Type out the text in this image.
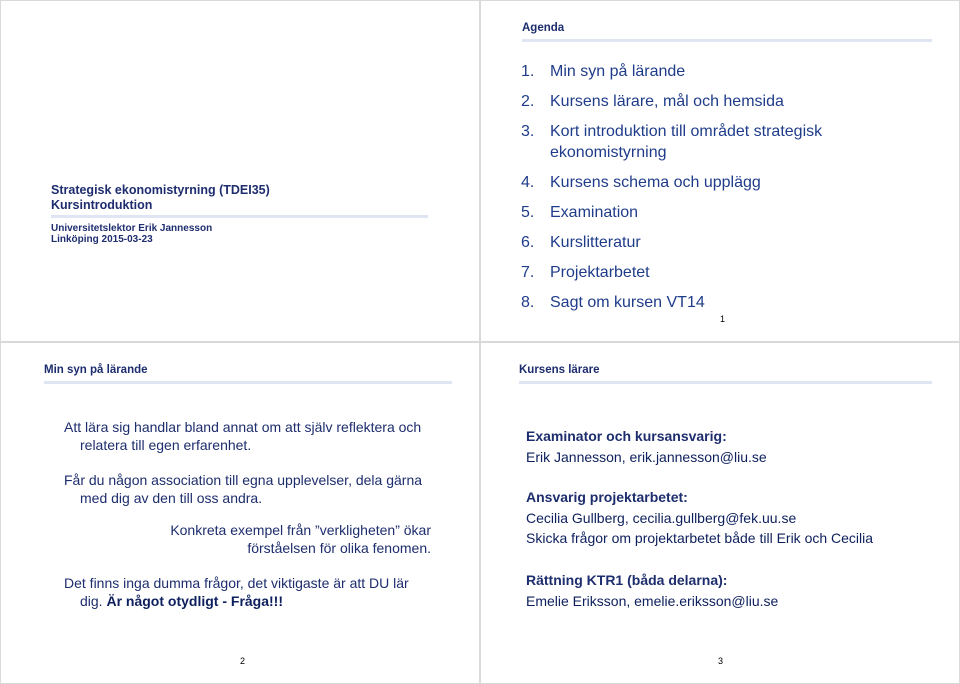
Strategisk ekonomistyrning (TDEI35)
Kursintroduktion
Universitetslektor Erik Jannesson
Linköping 2015-03-23
Agenda
1. Min syn på lärande
2. Kursens lärare, mål och hemsida
3. Kort introduktion till området strategisk ekonomistyrning
4. Kursens schema och upplägg
5. Examination
6. Kurslitteratur
7. Projektarbetet
8. Sagt om kursen VT14
1
Min syn på lärande
Att lära sig handlar bland annat om att själv reflektera och
relatera till egen erfarenhet.
Får du någon association till egna upplevelser, dela gärna
med dig av den till oss andra.
Konkreta exempel från ”verkligheten” ökar
förståelsen för olika fenomen.
Det finns inga dumma frågor, det viktigaste är att DU lär
dig. Är något otydligt - Fråga!!!
2
Kursens lärare
Examinator och kursansvarig:
Erik Jannesson, erik.jannesson@liu.se
Ansvarig projektarbetet:
Cecilia Gullberg, cecilia.gullberg@fek.uu.se
Skicka frågor om projektarbetet både till Erik och Cecilia
Rättning KTR1 (båda delarna):
Emelie Eriksson, emelie.eriksson@liu.se
3
